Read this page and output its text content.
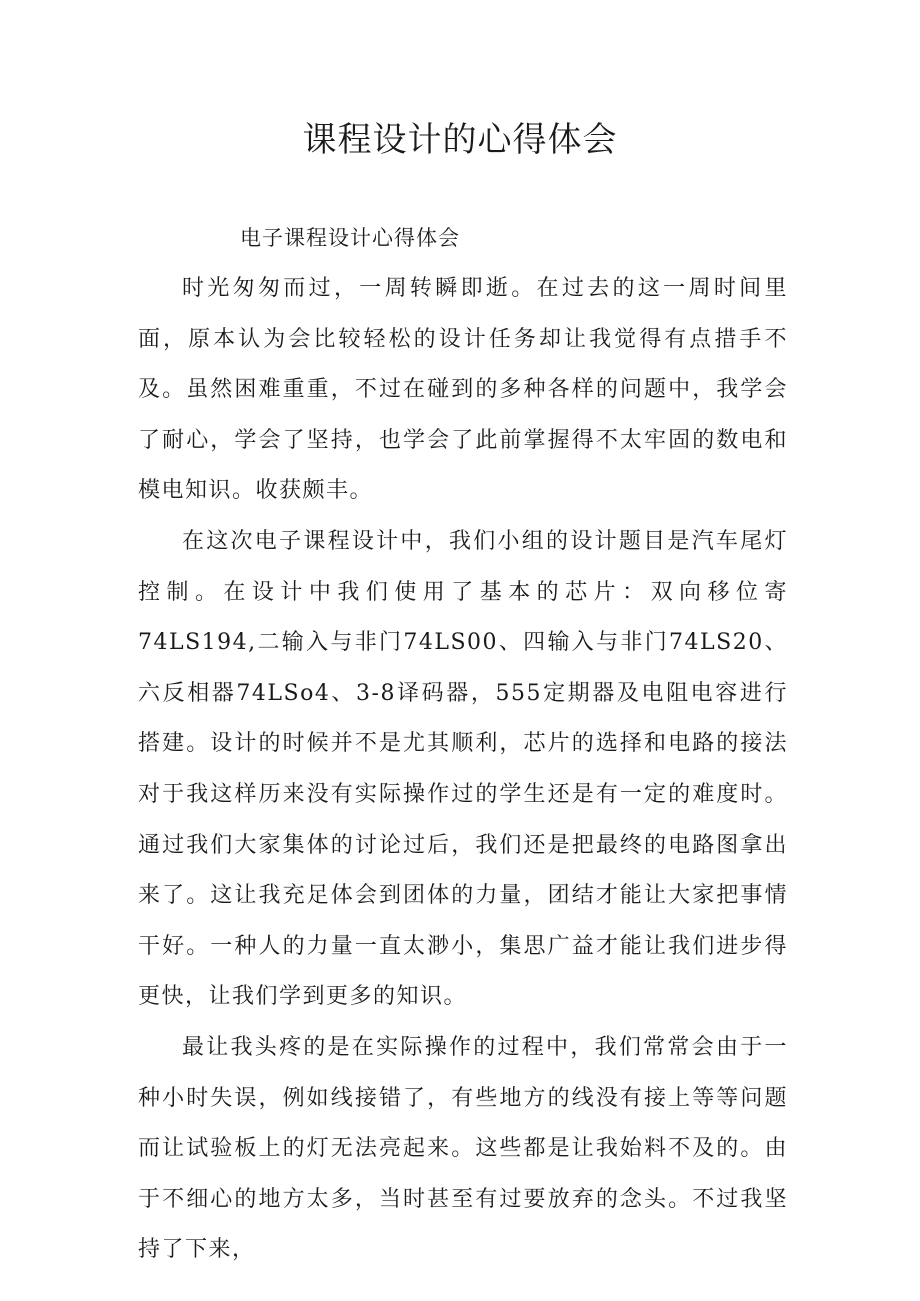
课程设计的心得体会

电子课程设计心得体会

时光匆匆而过，一周转瞬即逝。在过去的这一周时间里面，原本认为会比较轻松的设计任务却让我觉得有点措手不及。虽然困难重重，不过在碰到的多种各样的问题中，我学会了耐心，学会了坚持，也学会了此前掌握得不太牢固的数电和模电知识。收获颇丰。

在这次电子课程设计中，我们小组的设计题目是汽车尾灯控制。在设计中我们使用了基本的芯片：双向移位寄74LS194,二输入与非门74LS00、四输入与非门74LS20、六反相器74LSo4、3-8译码器，555定期器及电阻电容进行搭建。设计的时候并不是尤其顺利，芯片的选择和电路的接法对于我这样历来没有实际操作过的学生还是有一定的难度时。通过我们大家集体的讨论过后，我们还是把最终的电路图拿出来了。这让我充足体会到团体的力量，团结才能让大家把事情干好。一种人的力量一直太渺小，集思广益才能让我们进步得更快，让我们学到更多的知识。

最让我头疼的是在实际操作的过程中，我们常常会由于一种小时失误，例如线接错了，有些地方的线没有接上等等问题而让试验板上的灯无法亮起来。这些都是让我始料不及的。由于不细心的地方太多，当时甚至有过要放弃的念头。不过我坚持了下来，
